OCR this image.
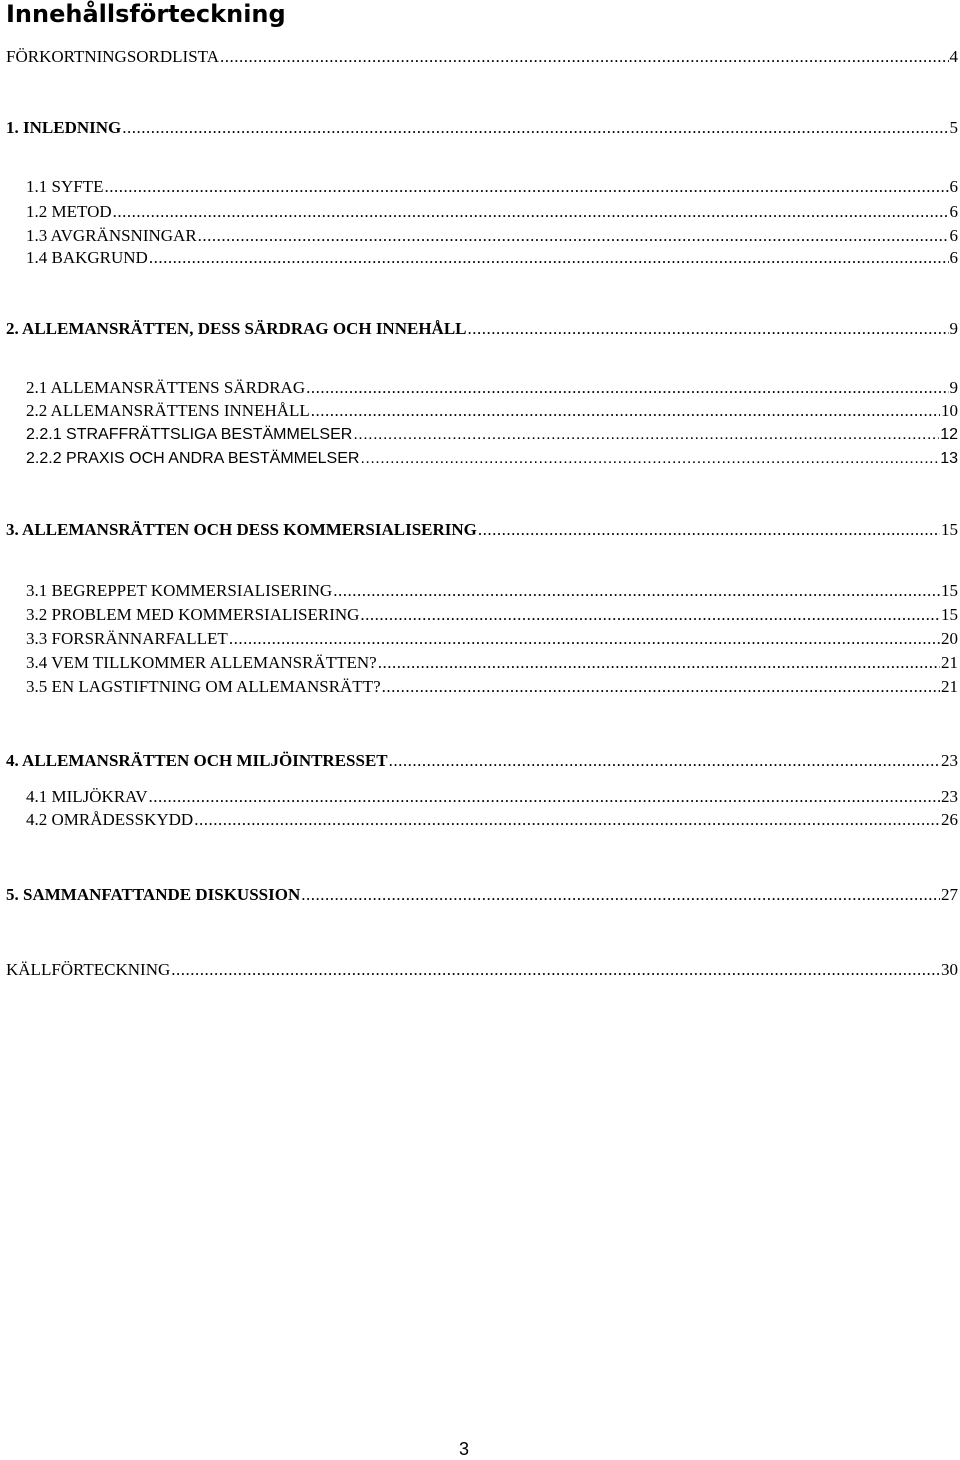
Innehållsförteckning
FÖRKORTNINGSORDLISTA .....	4
1. INLEDNING .....	5
1.1 SYFTE .....	6
1.2 METOD .....	6
1.3 AVGRÄNSNINGAR .....	6
1.4 BAKGRUND .....	6
2. ALLEMANSRÄTTEN, DESS SÄRDRAG OCH INNEHÅLL .....	9
2.1 ALLEMANSRÄTTENS SÄRDRAG .....	9
2.2 ALLEMANSRÄTTENS INNEHÅLL .....	10
2.2.1 STRAFFRÄTTSLIGA BESTÄMMELSER .....	12
2.2.2 PRAXIS OCH ANDRA BESTÄMMELSER .....	13
3. ALLEMANSRÄTTEN OCH DESS KOMMERSIALISERING .....	15
3.1 BEGREPPET KOMMERSIALISERING .....	15
3.2 PROBLEM MED KOMMERSIALISERING .....	15
3.3 FORSRÄNNARFALLET .....	20
3.4 VEM TILLKOMMER ALLEMANSRÄTTEN? .....	21
3.5 EN LAGSTIFTNING OM ALLEMANSRÄTT? .....	21
4. ALLEMANSRÄTTEN OCH MILJÖINTRESSET .....	23
4.1 MILJÖKRAV .....	23
4.2 OMRÅDESSKYDD .....	26
5. SAMMANFATTANDE DISKUSSION .....	27
KÄLLFÖRTECKNING .....	30
3
